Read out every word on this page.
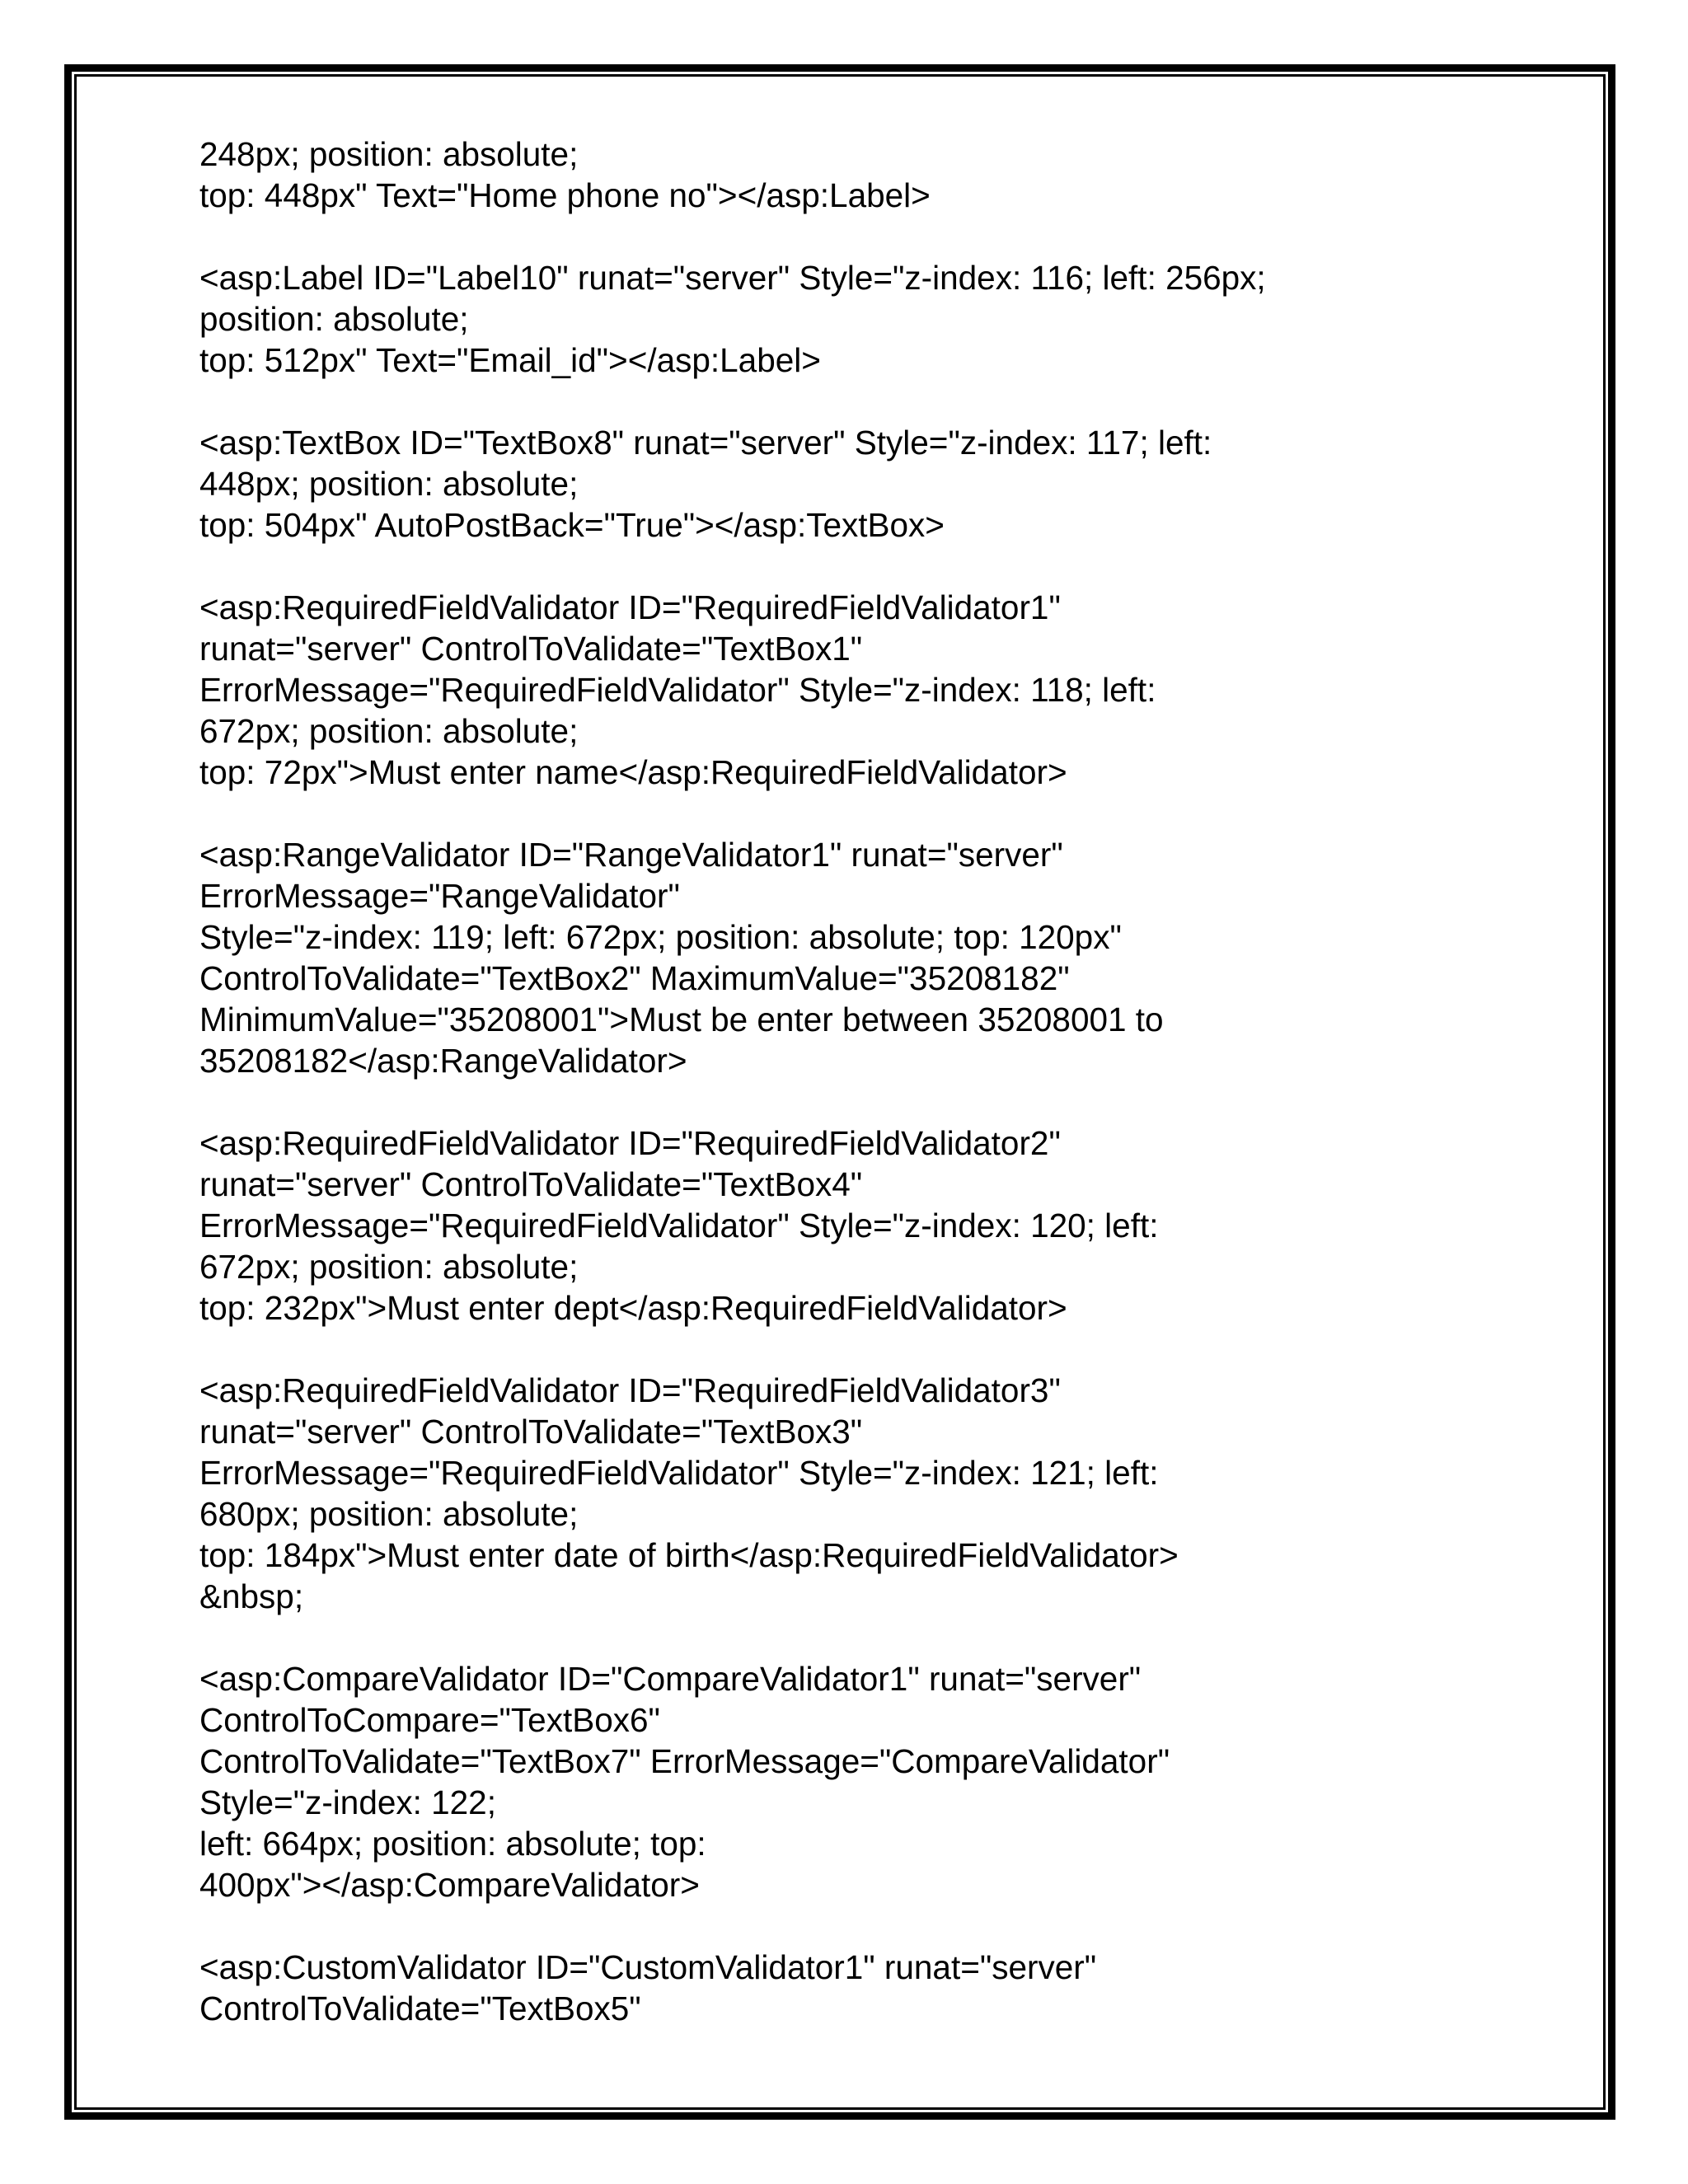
248px; position: absolute;
top: 448px" Text="Home phone no"></asp:Label>
<asp:Label ID="Label10" runat="server" Style="z-index: 116; left: 256px;
position: absolute;
top: 512px" Text="Email_id"></asp:Label>
<asp:TextBox ID="TextBox8" runat="server" Style="z-index: 117; left:
448px; position: absolute;
top: 504px" AutoPostBack="True"></asp:TextBox>
<asp:RequiredFieldValidator ID="RequiredFieldValidator1"
runat="server" ControlToValidate="TextBox1"
ErrorMessage="RequiredFieldValidator" Style="z-index: 118; left:
672px; position: absolute;
top: 72px">Must enter name</asp:RequiredFieldValidator>
<asp:RangeValidator ID="RangeValidator1" runat="server"
ErrorMessage="RangeValidator"
Style="z-index: 119; left: 672px; position: absolute; top: 120px"
ControlToValidate="TextBox2" MaximumValue="35208182"
MinimumValue="35208001">Must be enter between 35208001 to
35208182</asp:RangeValidator>
<asp:RequiredFieldValidator ID="RequiredFieldValidator2"
runat="server" ControlToValidate="TextBox4"
ErrorMessage="RequiredFieldValidator" Style="z-index: 120; left:
672px; position: absolute;
top: 232px">Must enter dept</asp:RequiredFieldValidator>
<asp:RequiredFieldValidator ID="RequiredFieldValidator3"
runat="server" ControlToValidate="TextBox3"
ErrorMessage="RequiredFieldValidator" Style="z-index: 121; left:
680px; position: absolute;
top: 184px">Must enter date of birth</asp:RequiredFieldValidator>
&nbsp;
<asp:CompareValidator ID="CompareValidator1" runat="server"
ControlToCompare="TextBox6"
ControlToValidate="TextBox7" ErrorMessage="CompareValidator"
Style="z-index: 122;
left: 664px; position: absolute; top:
400px"></asp:CompareValidator>
<asp:CustomValidator ID="CustomValidator1" runat="server"
ControlToValidate="TextBox5"
